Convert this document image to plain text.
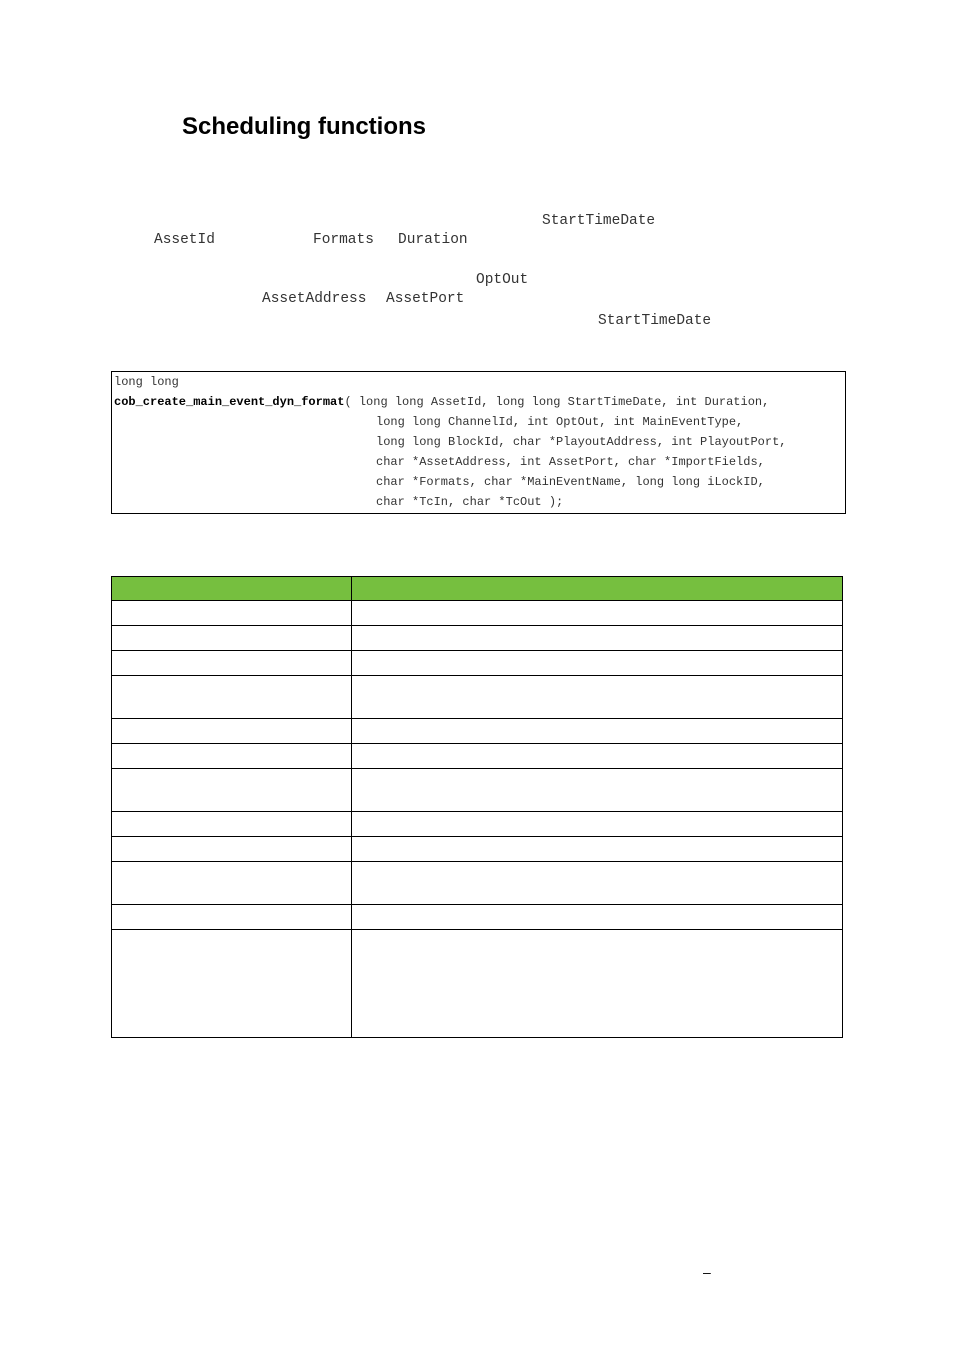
Scheduling functions
StartTimeDate
AssetId	Formats Duration
OptOut
AssetAddress AssetPort
StartTimeDate
long long
cob_create_main_event_dyn_format( long long AssetId, long long StartTimeDate, int Duration,
long long ChannelId, int OptOut, int MainEventType,
long long BlockId, char *PlayoutAddress, int PlayoutPort,
char *AssetAddress, int AssetPort, char *ImportFields,
char *Formats, char *MainEventName, long long iLockID,
char *TcIn, char *TcOut );

–
